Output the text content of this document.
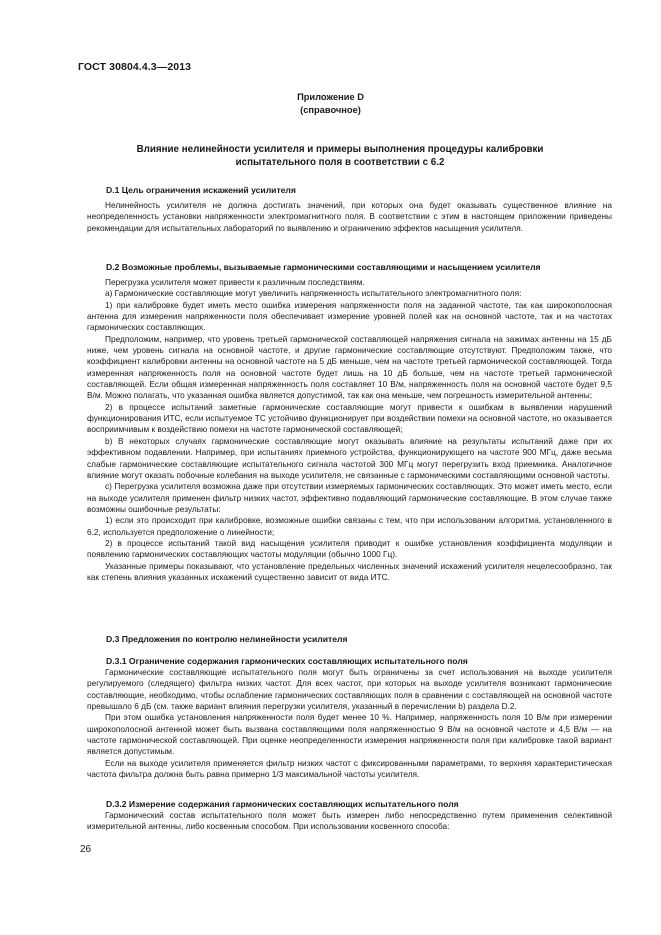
ГОСТ 30804.4.3—2013
Приложение D
(справочное)
Влияние нелинейности усилителя и примеры выполнения процедуры калибровки
испытательного поля в соответствии с 6.2
D.1 Цель ограничения искажений усилителя

Нелинейность усилителя не должна достигать значений, при которых она будет оказывать существенное влияние на неопределенность установки напряженности электромагнитного поля. В соответствии с этим в настоящем приложении приведены рекомендации для испытательных лабораторий по выявлению и ограничению эффектов насыщения усилителя.

D.2 Возможные проблемы, вызываемые гармоническими составляющими и насыщением усилителя

Перегрузка усилителя может привести к различным последствиям.

а) Гармонические составляющие могут увеличить напряженность испытательного электромагнитного поля:

1) при калибровке будет иметь место ошибка измерения напряженности поля на заданной частоте, так как широкополосная антенна для измерения напряженности поля обеспечивает измерение уровней полей как на основной частоте, так и на частотах гармонических составляющих.

Предположим, например, что уровень третьей гармонической составляющей напряжения сигнала на зажимах антенны на 15 дБ ниже, чем уровень сигнала на основной частоте, и другие гармонические составляющие отсутствуют. Предположим также, что коэффициент калибровки антенны на основной частоте на 5 дБ меньше, чем на частоте третьей гармонической составляющей. Тогда измеренная напряженность поля на основной частоте будет лишь на 10 дБ больше, чем на частоте третьей гармонической составляющей. Если общая измеренная напряженность поля составляет 10 В/м, напряженность поля на основной частоте будет 9,5 В/м. Можно полагать, что указанная ошибка является допустимой, так как она меньше, чем погрешность измерительной антенны;

2) в процессе испытаний заметные гармонические составляющие могут привести к ошибкам в выявлении нарушений функционирования ИТС, если испытуемое ТС устойчиво функционирует при воздействии помехи на основной частоте, но оказывается восприимчивым к воздействию помехи на частоте гармонической составляющей;

b) В некоторых случаях гармонические составляющие могут оказывать влияние на результаты испытаний даже при их эффективном подавлении. Например, при испытаниях приемного устройства, функционирующего на частоте 900 МГц, даже весьма слабые гармонические составляющие испытательного сигнала частотой 300 МГц могут перегрузить вход приемника. Аналогичное влияние могут оказать побочные колебания на выходе усилителя, не связанные с гармоническими составляющими основной частоты.

с) Перегрузка усилителя возможна даже при отсутствии измеряемых гармонических составляющих. Это может иметь место, если на выходе усилителя применен фильтр низких частот, эффективно подавляющий гармонические составляющие. В этом случае также возможны ошибочные результаты:

1) если это происходит при калибровке, возможные ошибки связаны с тем, что при использовании алгоритма, установленного в 6.2, используется предположение о линейности;

2) в процессе испытаний такой вид насыщения усилителя приводит к ошибке установления коэффициента модуляции и появлению гармонических составляющих частоты модуляции (обычно 1000 Гц).

Указанные примеры показывают, что установление предельных численных значений искажений усилителя нецелесообразно, так как степень влияния указанных искажений существенно зависит от вида ИТС.

D.3 Предложения по контролю нелинейности усилителя
D.3.1 Ограничение содержания гармонических составляющих испытательного поля

Гармонические составляющие испытательного поля могут быть ограничены за счет использования на выходе усилителя регулируемого (следящего) фильтра низких частот. Для всех частот, при которых на выходе усилителя возникают гармонические составляющие, необходимо, чтобы ослабление гармонических составляющих поля в сравнении с составляющей на основной частоте превышало 6 дБ (см. также вариант влияния перегрузки усилителя, указанный в перечислении b) раздела D.2.

При этом ошибка установления напряженности поля будет менее 10 %. Например, напряженность поля 10 В/м при измерении широкополосной антенной может быть вызвана составляющими поля напряженностью 9 В/м на основной частоте и 4,5 В/м — на частоте гармонической составляющей. При оценке неопределенности измерения напряженности поля при калибровке такой вариант является допустимым.

Если на выходе усилителя применяется фильтр низких частот с фиксированными параметрами, то верхняя характеристическая частота фильтра должна быть равна примерно 1/3 максимальной частоты усилителя.

D.3.2 Измерение содержания гармонических составляющих испытательного поля

Гармонический состав испытательного поля может быть измерен либо непосредственно путем применения селективной измерительной антенны, либо косвенным способом. При использовании косвенного способа:

26
